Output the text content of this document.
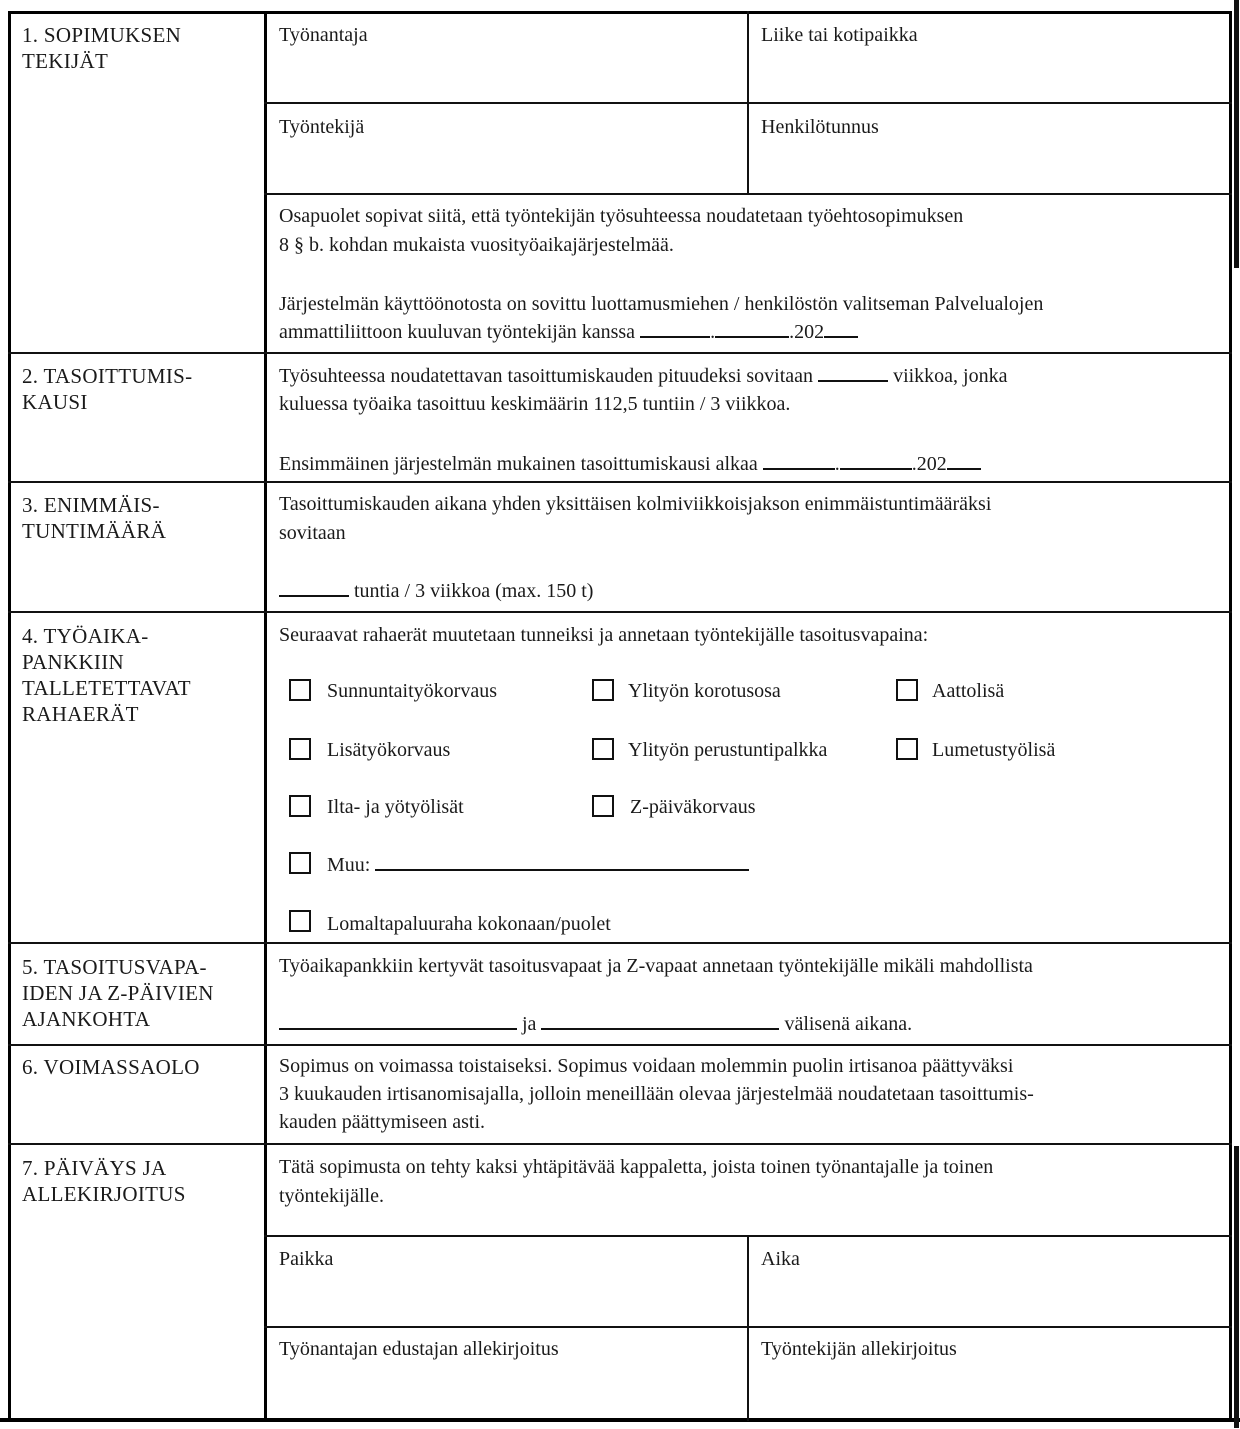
1. SOPIMUKSEN
TEKIJÄT
Työnantaja	Liike tai kotipaikka
Työntekijä	Henkilötunnus
Osapuolet sopivat siitä, että työntekijän työsuhteessa noudatetaan työehtosopimuksen
8 § b. kohdan mukaista vuosityöaikajärjestelmää.
Järjestelmän käyttöönotosta on sovittu luottamusmiehen / henkilöstön valitseman Palvelualojen
ammattiliittoon kuuluvan työntekijän kanssa	.	.202
2. TASOITTUMIS-
KAUSI
Työsuhteessa noudatettavan tasoittumiskauden pituudeksi sovitaan	viikkoa, jonka
kuluessa työaika tasoittuu keskimäärin 112,5 tuntiin / 3 viikkoa.
Ensimmäinen järjestelmän mukainen tasoittumiskausi alkaa	.	.202
3. ENIMMÄIS-
TUNTIMÄÄRÄ
Tasoittumiskauden aikana yhden yksittäisen kolmiviikkoisjakson enimmäistuntimääräksi
sovitaan
tuntia / 3 viikkoa (max. 150 t)
4. TYÖAIKA-
PANKKIIN
TALLETETTAVAT
RAHAERÄT
Seuraavat rahaerät muutetaan tunneiksi ja annetaan työntekijälle tasoitusvapaina:
Sunnuntaityökorvaus	Ylityön korotusosa	Aattolisä
Lisätyökorvaus	Ylityön perustuntipalkka	Lumetustyölisä
Ilta- ja yötyölisät	Z-päiväkorvaus
Muu:
Lomaltapaluuraha kokonaan/puolet
5. TASOITUSVAPA-
IDEN JA Z-PÄIVIEN
AJANKOHTA
Työaikapankkiin kertyvät tasoitusvapaat ja Z-vapaat annetaan työntekijälle mikäli mahdollista
ja	välisenä aikana.
6. VOIMASSAOLO	Sopimus on voimassa toistaiseksi. Sopimus voidaan molemmin puolin irtisanoa päättyväksi
3 kuukauden irtisanomisajalla, jolloin meneillään olevaa järjestelmää noudatetaan tasoittumis-
kauden päättymiseen asti.
7. PÄIVÄYS JA
ALLEKIRJOITUS
Tätä sopimusta on tehty kaksi yhtäpitävää kappaletta, joista toinen työnantajalle ja toinen
työntekijälle.
Paikka	Aika
Työnantajan edustajan allekirjoitus	Työntekijän allekirjoitus
